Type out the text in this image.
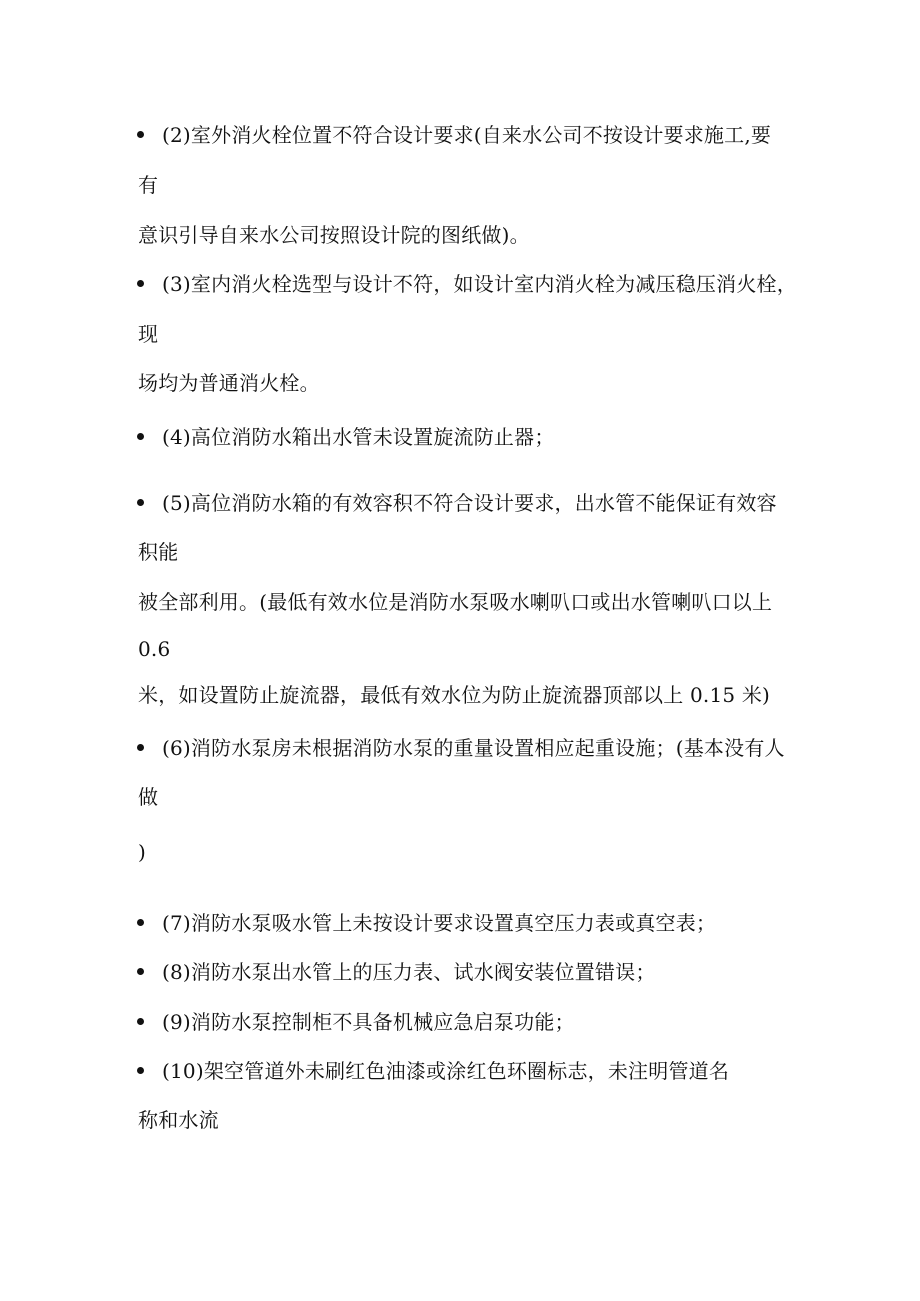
(2)室外消火栓位置不符合设计要求(自来水公司不按设计要求施工,要
有
意识引导自来水公司按照设计院的图纸做)。
(3)室内消火栓选型与设计不符，如设计室内消火栓为减压稳压消火栓，
现
场均为普通消火栓。
(4)高位消防水箱出水管未设置旋流防止器；
(5)高位消防水箱的有效容积不符合设计要求，出水管不能保证有效容
积能
被全部利用。(最低有效水位是消防水泵吸水喇叭口或出水管喇叭口以上
0.6
米，如设置防止旋流器，最低有效水位为防止旋流器顶部以上 0.15 米)
(6)消防水泵房未根据消防水泵的重量设置相应起重设施；(基本没有人
做
)
(7)消防水泵吸水管上未按设计要求设置真空压力表或真空表；
(8)消防水泵出水管上的压力表、试水阀安装位置错误；
(9)消防水泵控制柜不具备机械应急启泵功能；
(10)架空管道外未刷红色油漆或涂红色环圈标志，未注明管道名
称和水流
